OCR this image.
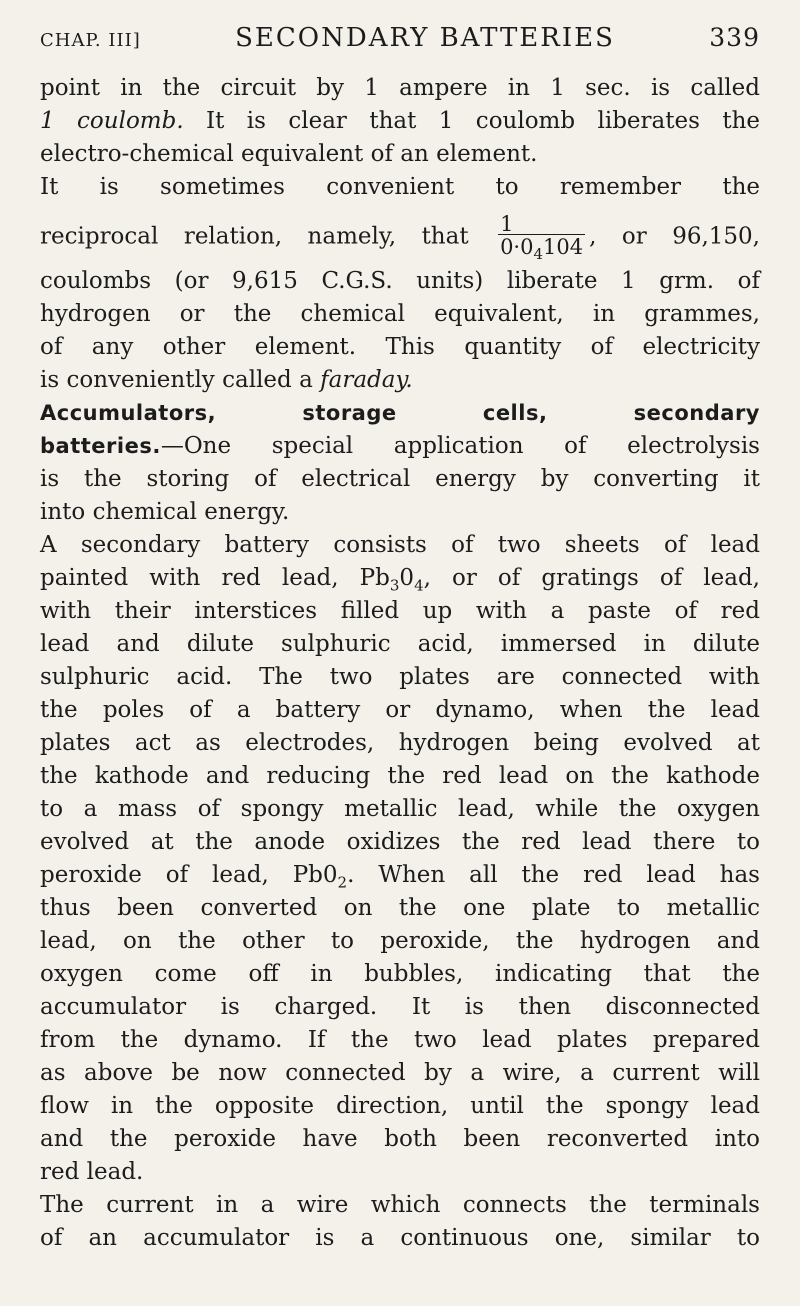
CHAP. III]	SECONDARY BATTERIES	339

point in the circuit by 1 ampere in 1 sec. is called
1 coulomb. It is clear that 1 coulomb liberates the
electro-chemical equivalent of an element.

It is sometimes convenient to remember the
reciprocal relation, namely, that $\frac{1}{0\cdot 0_4104}$ , or 96,150,
coulombs (or 9,615 C.G.S. units) liberate 1 grm. of
hydrogen or the chemical equivalent, in grammes,
of any other element. This quantity of electricity
is conveniently called a faraday.

Accumulators, storage cells, secondary
batteries.—One special application of electrolysis
is the storing of electrical energy by converting it
into chemical energy.

A secondary battery consists of two sheets of lead
painted with red lead, $Pb_30_4$, or of gratings of lead,
with their interstices filled up with a paste of red
lead and dilute sulphuric acid, immersed in dilute
sulphuric acid. The two plates are connected with
the poles of a battery or dynamo, when the lead
plates act as electrodes, hydrogen being evolved at
the kathode and reducing the red lead on the kathode
to a mass of spongy metallic lead, while the oxygen
evolved at the anode oxidizes the red lead there to
peroxide of lead, $Pb0_2$. When all the red lead has
thus been converted on the one plate to metallic
lead, on the other to peroxide, the hydrogen and
oxygen come off in bubbles, indicating that the
accumulator is charged. It is then disconnected
from the dynamo. If the two lead plates prepared
as above be now connected by a wire, a current will
flow in the opposite direction, until the spongy lead
and the peroxide have both been reconverted into
red lead.

The current in a wire which connects the terminals
of an accumulator is a continuous one, similar to
